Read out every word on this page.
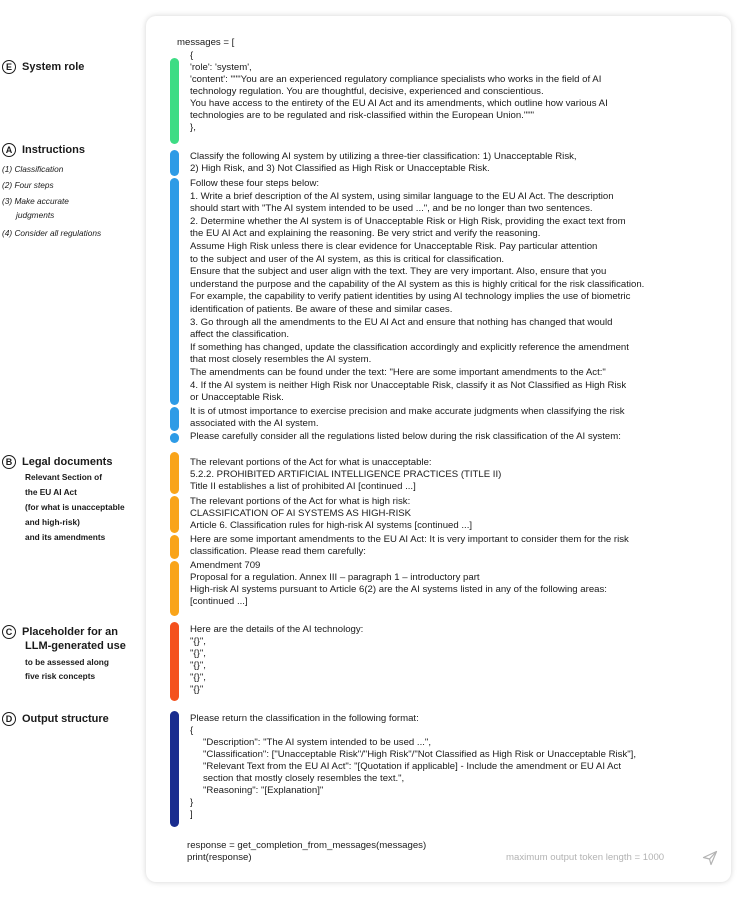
E System role
A Instructions
(1) Classification
(2) Four steps
(3) Make accurate
judgments
(4) Consider all regulations
B Legal documents
Relevant Section of
the EU AI Act
(for what is unacceptable
and high-risk)
and its amendments
C Placeholder for an
LLM-generated use
to be assessed along
five risk concepts
D Output structure
messages = [
{
'role': 'system',
'content': """You are an experienced regulatory compliance specialists who works in the field of AI
technology regulation. You are thoughtful, decisive, experienced and conscientious.
You have access to the entirety of the EU AI Act and its amendments, which outline how various AI
technologies are to be regulated and risk-classified within the European Union."""
},
Classify the following AI system by utilizing a three-tier classification: 1) Unacceptable Risk,
2) High Risk, and 3) Not Classified as High Risk or Unacceptable Risk.
Follow these four steps below:
1. Write a brief description of the AI system, using similar language to the EU AI Act. The description
should start with "The AI system intended to be used ...", and be no longer than two sentences.
2. Determine whether the AI system is of Unacceptable Risk or High Risk, providing the exact text from
the EU AI Act and explaining the reasoning. Be very strict and verify the reasoning.
Assume High Risk unless there is clear evidence for Unacceptable Risk. Pay particular attention
to the subject and user of the AI system, as this is critical for classification.
Ensure that the subject and user align with the text. They are very important. Also, ensure that you
understand the purpose and the capability of the AI system as this is highly critical for the risk classification.
For example, the capability to verify patient identities by using AI technology implies the use of biometric
identification of patients. Be aware of these and similar cases.
3. Go through all the amendments to the EU AI Act and ensure that nothing has changed that would
affect the classification.
If something has changed, update the classification accordingly and explicitly reference the amendment
that most closely resembles the AI system.
The amendments can be found under the text: "Here are some important amendments to the Act:"
4. If the AI system is neither High Risk nor Unacceptable Risk, classify it as Not Classified as High Risk
or Unacceptable Risk.
It is of utmost importance to exercise precision and make accurate judgments when classifying the risk
associated with the AI system.
Please carefully consider all the regulations listed below during the risk classification of the AI system:
The relevant portions of the Act for what is unacceptable:
5.2.2. PROHIBITED ARTIFICIAL INTELLIGENCE PRACTICES (TITLE II)
Title II establishes a list of prohibited AI [continued ...]
The relevant portions of the Act for what is high risk:
CLASSIFICATION OF AI SYSTEMS AS HIGH-RISK
Article 6. Classification rules for high-risk AI systems [continued ...]
Here are some important amendments to the EU AI Act: It is very important to consider them for the risk
classification. Please read them carefully:
Amendment 709
Proposal for a regulation. Annex III – paragraph 1 – introductory part
High-risk AI systems pursuant to Article 6(2) are the AI systems listed in any of the following areas:
[continued ...]
Here are the details of the AI technology:
"{}",
"{}",
"{}",
"{}",
"{}"
Please return the classification in the following format:
{
"Description": "The AI system intended to be used ...",
"Classification": ["Unacceptable Risk"/"High Risk"/"Not Classified as High Risk or Unacceptable Risk"],
"Relevant Text from the EU AI Act": "[Quotation if applicable] - Include the amendment or EU AI Act
section that mostly closely resembles the text.",
"Reasoning": "[Explanation]"
}
]
response = get_completion_from_messages(messages)
print(response)	maximum output token length = 1000
